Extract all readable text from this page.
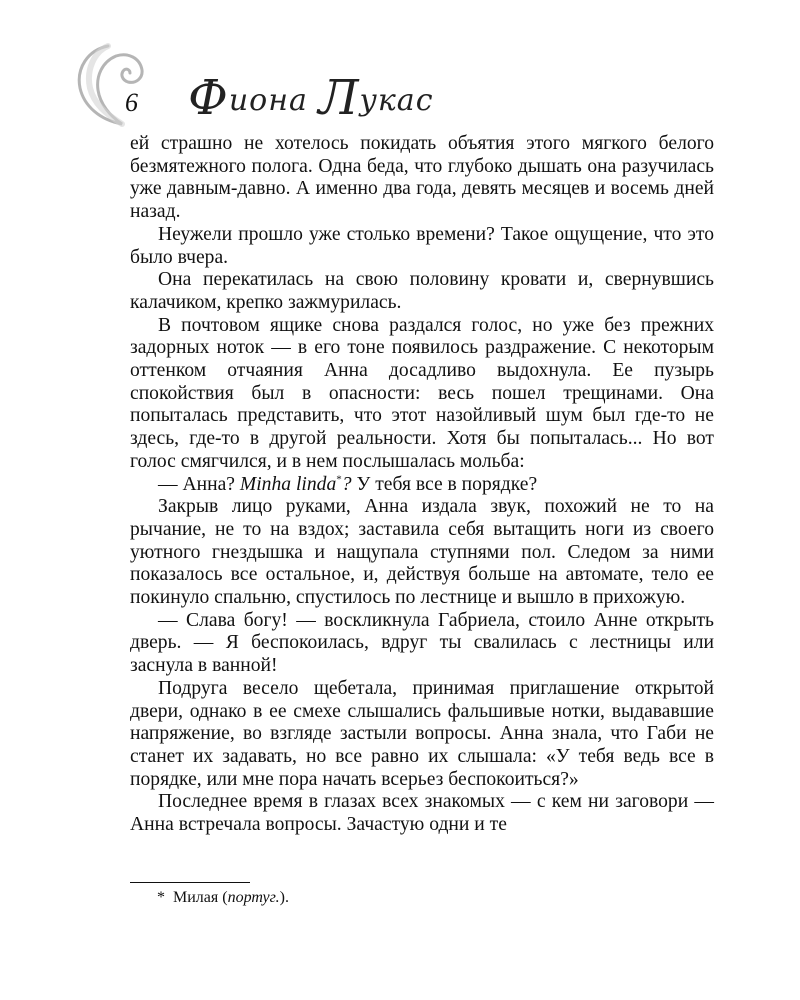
6 Фиона Лукас

ей страшно не хотелось покидать объятия этого мягкого белого безмятежного полога. Одна беда, что глубоко дышать она разучилась уже давным-давно. А именно два года, девять месяцев и восемь дней назад.

Неужели прошло уже столько времени? Такое ощущение, что это было вчера.

Она перекатилась на свою половину кровати и, свернувшись калачиком, крепко зажмурилась.

В почтовом ящике снова раздался голос, но уже без прежних задорных ноток — в его тоне появилось раздражение. С некоторым оттенком отчаяния Анна досадливо выдохнула. Ее пузырь спокойствия был в опасности: весь пошел трещинами. Она попыталась представить, что этот назойливый шум был где-то не здесь, где-то в другой реальности. Хотя бы попыталась... Но вот голос смягчился, и в нем послышалась мольба:

— Анна? Minha linda*? У тебя все в порядке?

Закрыв лицо руками, Анна издала звук, похожий не то на рычание, не то на вздох; заставила себя вытащить ноги из своего уютного гнездышка и нащупала ступнями пол. Следом за ними показалось все остальное, и, действуя больше на автомате, тело ее покинуло спальню, спустилось по лестнице и вышло в прихожую.

— Слава богу! — воскликнула Габриела, стоило Анне открыть дверь. — Я беспокоилась, вдруг ты свалилась с лестницы или заснула в ванной!

Подруга весело щебетала, принимая приглашение открытой двери, однако в ее смехе слышались фальшивые нотки, выдававшие напряжение, во взгляде застыли вопросы. Анна знала, что Габи не станет их задавать, но все равно их слышала: «У тебя ведь все в порядке, или мне пора начать всерьез беспокоиться?»

Последнее время в глазах всех знакомых — с кем ни заговори — Анна встречала вопросы. Зачастую одни и те

* Милая (португ.).
